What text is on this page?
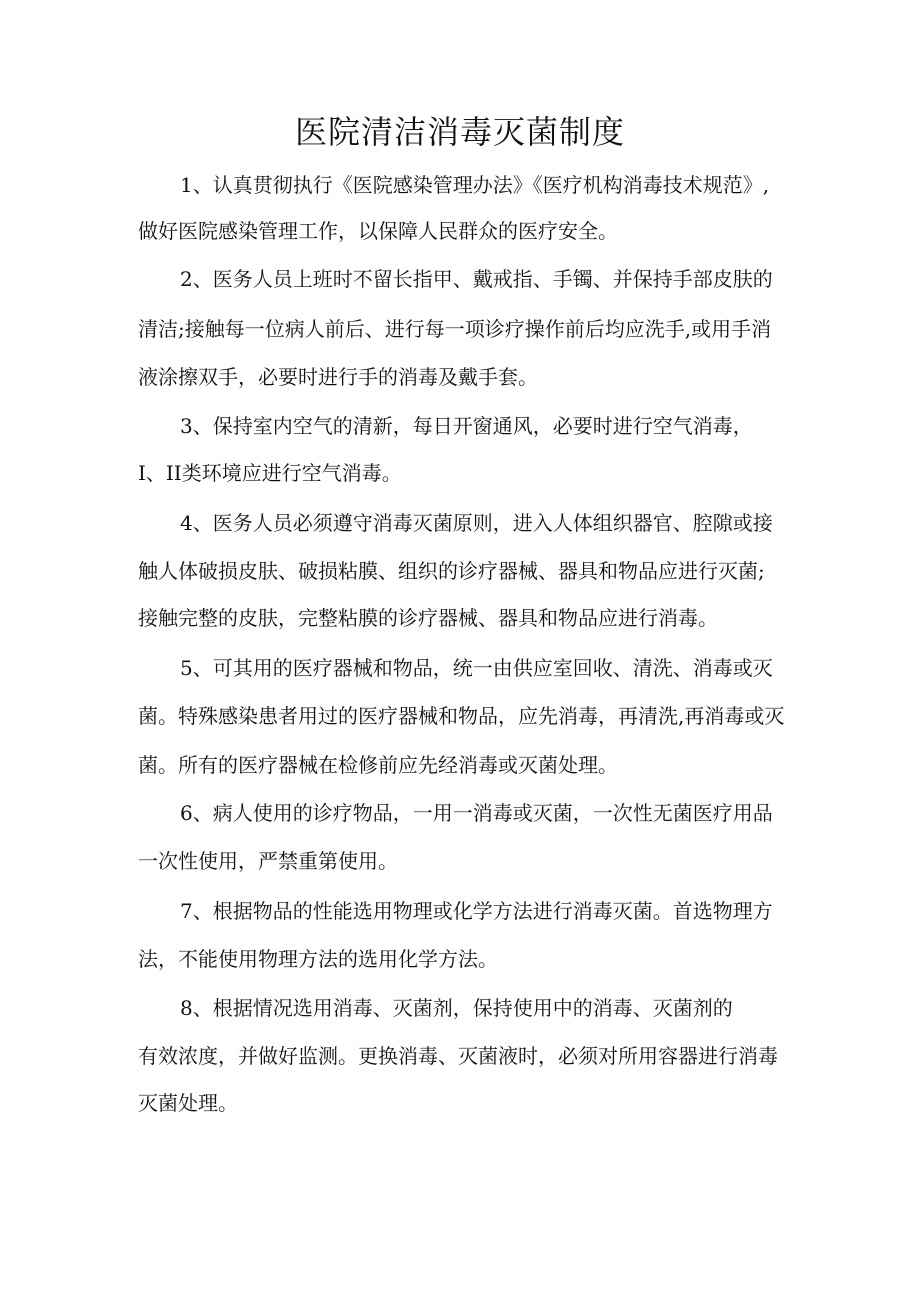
医院清洁消毒灭菌制度
1、认真贯彻执行《医院感染管理办法》《医疗机构消毒技术规范》,
做好医院感染管理工作，以保障人民群众的医疗安全。
2、医务人员上班时不留长指甲、戴戒指、手镯、并保持手部皮肤的
清洁;接触每一位病人前后、进行每一项诊疗操作前后均应洗手,或用手消
液涂擦双手，必要时进行手的消毒及戴手套。
3、保持室内空气的清新，每日开窗通风，必要时进行空气消毒，
I、II类环境应进行空气消毒。
4、医务人员必须遵守消毒灭菌原则，进入人体组织器官、腔隙或接
触人体破损皮肤、破损粘膜、组织的诊疗器械、器具和物品应进行灭菌;
接触完整的皮肤，完整粘膜的诊疗器械、器具和物品应进行消毒。
5、可其用的医疗器械和物品，统一由供应室回收、清洗、消毒或灭
菌。特殊感染患者用过的医疗器械和物品，应先消毒，再清洗,再消毒或灭
菌。所有的医疗器械在检修前应先经消毒或灭菌处理。
6、病人使用的诊疗物品，一用一消毒或灭菌，一次性无菌医疗用品
一次性使用，严禁重第使用。
7、根据物品的性能选用物理或化学方法进行消毒灭菌。首选物理方
法，不能使用物理方法的选用化学方法。
8、根据情况选用消毒、灭菌剂，保持使用中的消毒、灭菌剂的
有效浓度，并做好监测。更换消毒、灭菌液时，必须对所用容器进行消毒
灭菌处理。
